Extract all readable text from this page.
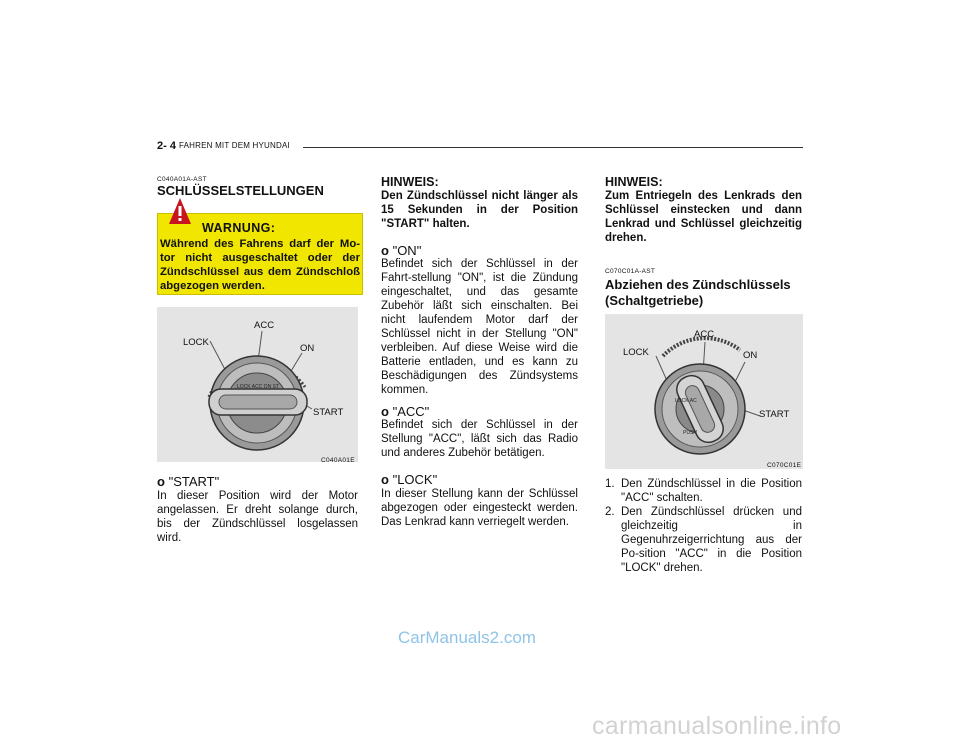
2- 4 FAHREN MIT DEM HYUNDAI
C040A01A-AST
SCHLÜSSELSTELLUNGEN
WARNUNG:
Während des Fahrens darf der Mo-tor nicht ausgeschaltet oder der Zündschlüssel aus dem Zündschloß abgezogen werden.
LOCK ACC ON ST
LOCK
ACC
ON
START
C040A01E
o "START"
In dieser Position wird der Motor angelassen. Er dreht solange durch, bis der Zündschlüssel losgelassen wird.
HINWEIS:
Den Zündschlüssel nicht länger als 15 Sekunden in der Position "START" halten.
o "ON"
Befindet sich der Schlüssel in der Fahrt-stellung "ON", ist die Zündung eingeschaltet, und das gesamte Zubehör läßt sich einschalten. Bei nicht laufendem Motor darf der Schlüssel nicht in der Stellung "ON" verbleiben. Auf diese Weise wird die Batterie entladen, und es kann zu Beschädigungen des Zündsystems kommen.
o "ACC"
Befindet sich der Schlüssel in der Stellung "ACC", läßt sich das Radio und anderes Zubehör betätigen.
o "LOCK"
In dieser Stellung kann der Schlüssel abgezogen oder eingesteckt werden. Das Lenkrad kann verriegelt werden.
HINWEIS:
Zum Entriegeln des Lenkrads den Schlüssel einstecken und dann Lenkrad und Schlüssel gleichzeitig drehen.
C070C01A-AST
Abziehen des Zündschlüssels (Schaltgetriebe)
LOCK AC
PUSH
LOCK
ACC
ON
START
C070C01E
1. Den Zündschlüssel in die Position "ACC" schalten.
2. Den Zündschlüssel drücken und gleichzeitig in Gegenuhrzeigerrichtung aus der Po-sition "ACC" in die Position "LOCK" drehen.
CarManuals2.com
carmanualsonline.info
